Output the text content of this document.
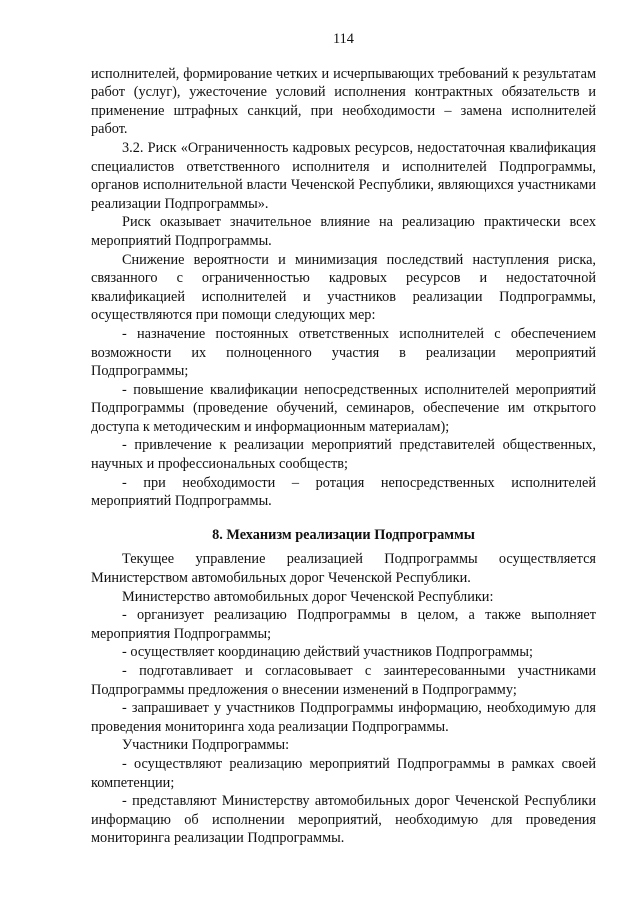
114

исполнителей, формирование четких и исчерпывающих требований к результатам работ (услуг), ужесточение условий исполнения контрактных обязательств и применение штрафных санкций, при необходимости – замена исполнителей работ.

3.2. Риск «Ограниченность кадровых ресурсов, недостаточная квалификация специалистов ответственного исполнителя и исполнителей Подпрограммы, органов исполнительной власти Чеченской Республики, являющихся участниками реализации Подпрограммы».

Риск оказывает значительное влияние на реализацию практически всех мероприятий Подпрограммы.

Снижение вероятности и минимизация последствий наступления риска, связанного с ограниченностью кадровых ресурсов и недостаточной квалификацией исполнителей и участников реализации Подпрограммы, осуществляются при помощи следующих мер:

- назначение постоянных ответственных исполнителей с обеспечением возможности их полноценного участия в реализации мероприятий Подпрограммы;

- повышение квалификации непосредственных исполнителей мероприятий Подпрограммы (проведение обучений, семинаров, обеспечение им открытого доступа к методическим и информационным материалам);

- привлечение к реализации мероприятий представителей общественных, научных и профессиональных сообществ;

- при необходимости – ротация непосредственных исполнителей мероприятий Подпрограммы.

8. Механизм реализации Подпрограммы

Текущее управление реализацией Подпрограммы осуществляется Министерством автомобильных дорог Чеченской Республики.

Министерство автомобильных дорог Чеченской Республики:

- организует реализацию Подпрограммы в целом, а также выполняет мероприятия Подпрограммы;

- осуществляет координацию действий участников Подпрограммы;

- подготавливает и согласовывает с заинтересованными участниками Подпрограммы предложения о внесении изменений в Подпрограмму;

- запрашивает у участников Подпрограммы информацию, необходимую для проведения мониторинга хода реализации Подпрограммы.

Участники Подпрограммы:

- осуществляют реализацию мероприятий Подпрограммы в рамках своей компетенции;

- представляют Министерству автомобильных дорог Чеченской Республики информацию об исполнении мероприятий, необходимую для проведения мониторинга реализации Подпрограммы.
